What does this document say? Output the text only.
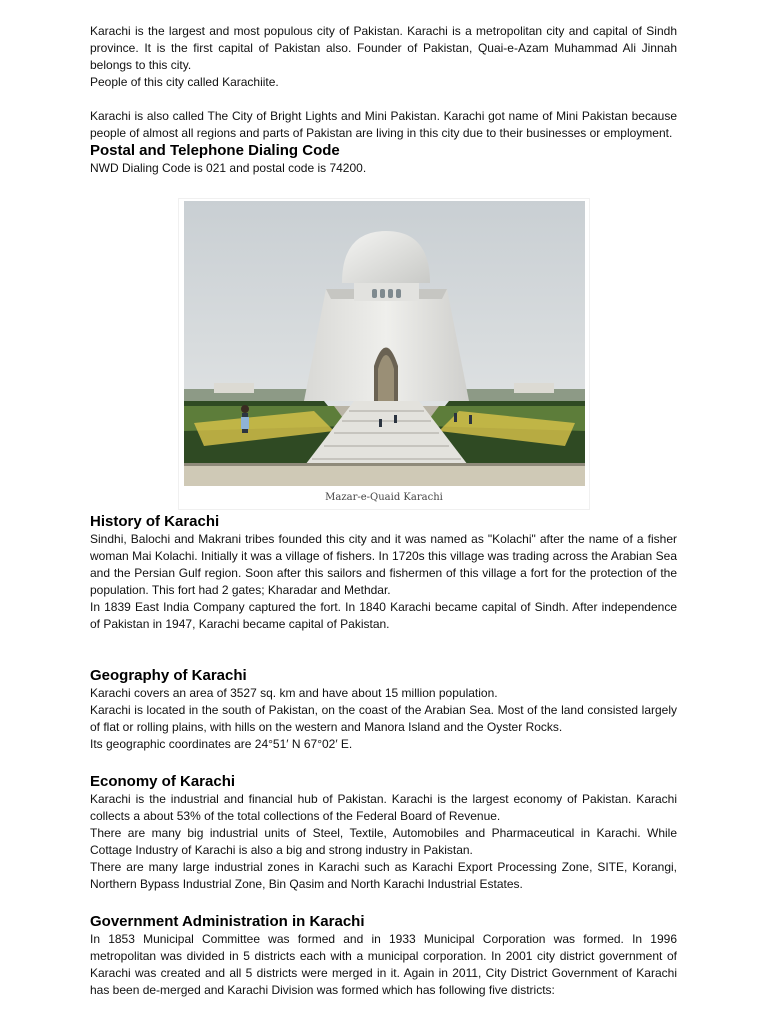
Karachi is the largest and most populous city of Pakistan. Karachi is a metropolitan city and capital of Sindh province. It is the first capital of Pakistan also. Founder of Pakistan, Quai-e-Azam Muhammad Ali Jinnah belongs to this city.

People of this city called Karachiite.

Karachi is also called The City of Bright Lights and Mini Pakistan. Karachi got name of Mini Pakistan because people of almost all regions and parts of Pakistan are living in this city due to their businesses or employment.

Postal and Telephone Dialing Code

NWD Dialing Code is 021 and postal code is 74200.

History of Karachi

Sindhi, Balochi and Makrani tribes founded this city and it was named as "Kolachi" after the name of a fisher woman Mai Kolachi. Initially it was a village of fishers. In 1720s this village was trading across the Arabian Sea and the Persian Gulf region. Soon after this sailors and fishermen of this village a fort for the protection of the population. This fort had 2 gates; Kharadar and Methdar.

In 1839 East India Company captured the fort. In 1840 Karachi became capital of Sindh. After independence of Pakistan in 1947, Karachi became capital of Pakistan.

Geography of Karachi

Karachi covers an area of 3527 sq. km and have about 15 million population.

Karachi is located in the south of Pakistan, on the coast of the Arabian Sea. Most of the land consisted largely of flat or rolling plains, with hills on the western and Manora Island and the Oyster Rocks.

Its geographic coordinates are 24°51′ N 67°02′ E.

Economy of Karachi

Karachi is the industrial and financial hub of Pakistan. Karachi is the largest economy of Pakistan. Karachi collects a about 53% of the total collections of the Federal Board of Revenue.

There are many big industrial units of Steel, Textile, Automobiles and Pharmaceutical in Karachi. While Cottage Industry of Karachi is also a big and strong industry in Pakistan.

There are many large industrial zones in Karachi such as Karachi Export Processing Zone, SITE, Korangi, Northern Bypass Industrial Zone, Bin Qasim and North Karachi Industrial Estates.

Government Administration in Karachi

In 1853 Municipal Committee was formed and in 1933 Municipal Corporation was formed. In 1996 metropolitan was divided in 5 districts each with a municipal corporation. In 2001 city district government of Karachi was created and all 5 districts were merged in it. Again in 2011, City District Government of Karachi has been de-merged and Karachi Division was formed which has following five districts:

Mazar-e-Quaid Karachi
